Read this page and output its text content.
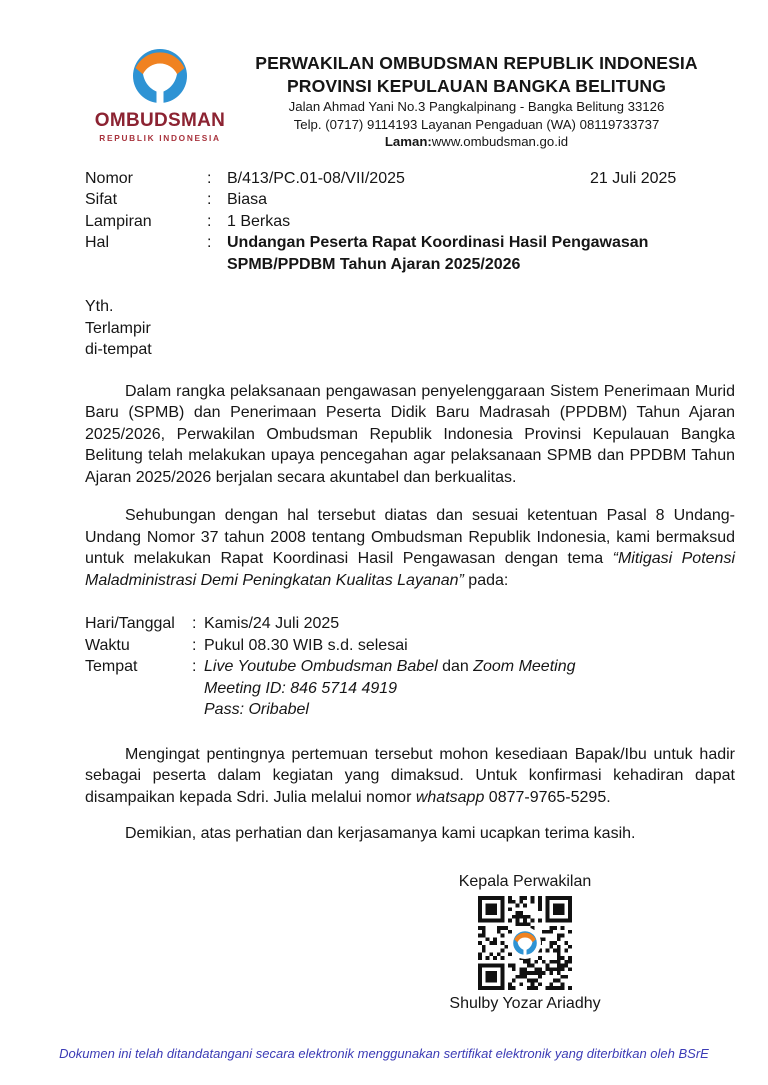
OMBUDSMAN
REPUBLIK INDONESIA
PERWAKILAN OMBUDSMAN REPUBLIK INDONESIA
PROVINSI KEPULAUAN BANGKA BELITUNG
Jalan Ahmad Yani No.3 Pangkalpinang - Bangka Belitung 33126
Telp. (0717) 9114193 Layanan Pengaduan (WA) 08119733737
Laman:www.ombudsman.go.id
21 Juli 2025
Nomor	: B/413/PC.01-08/VII/2025
Sifat	: Biasa
Lampiran	: 1 Berkas
Hal	: Undangan Peserta Rapat Koordinasi Hasil Pengawasan
SPMB/PPDBM Tahun Ajaran 2025/2026
Yth.
Terlampir
di-tempat
Dalam rangka pelaksanaan pengawasan penyelenggaraan Sistem Penerimaan Murid Baru (SPMB) dan Penerimaan Peserta Didik Baru Madrasah (PPDBM) Tahun Ajaran 2025/2026, Perwakilan Ombudsman Republik Indonesia Provinsi Kepulauan Bangka Belitung telah melakukan upaya pencegahan agar pelaksanaan SPMB dan PPDBM Tahun Ajaran 2025/2026 berjalan secara akuntabel dan berkualitas.
Sehubungan dengan hal tersebut diatas dan sesuai ketentuan Pasal 8 Undang-Undang Nomor 37 tahun 2008 tentang Ombudsman Republik Indonesia, kami bermaksud untuk melakukan Rapat Koordinasi Hasil Pengawasan dengan tema “Mitigasi Potensi Maladministrasi Demi Peningkatan Kualitas Layanan” pada:
Hari/Tanggal	: Kamis/24 Juli 2025
Waktu	: Pukul 08.30 WIB s.d. selesai
Tempat	: Live Youtube Ombudsman Babel dan Zoom Meeting
Meeting ID: 846 5714 4919
Pass: Oribabel
Mengingat pentingnya pertemuan tersebut mohon kesediaan Bapak/Ibu untuk hadir sebagai peserta dalam kegiatan yang dimaksud. Untuk konfirmasi kehadiran dapat disampaikan kepada Sdri. Julia melalui nomor whatsapp 0877-9765-5295.
Demikian, atas perhatian dan kerjasamanya kami ucapkan terima kasih.
Kepala Perwakilan
Shulby Yozar Ariadhy
Dokumen ini telah ditandatangani secara elektronik menggunakan sertifikat elektronik yang diterbitkan oleh BSrE
